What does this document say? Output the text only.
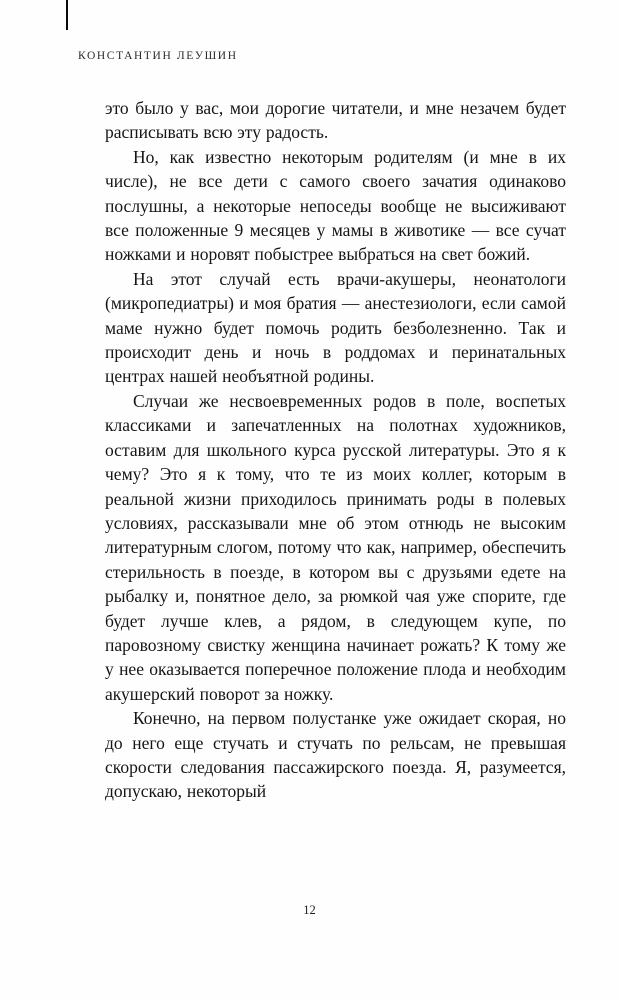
КОНСТАНТИН ЛЕУШИН

это было у вас, мои дорогие читатели, и мне незачем будет расписывать всю эту радость.

Но, как известно некоторым родителям (и мне в их числе), не все дети с самого своего зачатия одинаково послушны, а некоторые непоседы вообще не высиживают все положенные 9 месяцев у мамы в животике — все сучат ножками и норовят побыстрее выбраться на свет божий.

На этот случай есть врачи-акушеры, неонатологи (микропедиатры) и моя братия — анестезиологи, если самой маме нужно будет помочь родить безболезненно. Так и происходит день и ночь в роддомах и перинатальных центрах нашей необъятной родины.

Случаи же несвоевременных родов в поле, воспетых классиками и запечатленных на полотнах художников, оставим для школьного курса русской литературы. Это я к чему? Это я к тому, что те из моих коллег, которым в реальной жизни приходилось принимать роды в полевых условиях, рассказывали мне об этом отнюдь не высоким литературным слогом, потому что как, например, обеспечить стерильность в поезде, в котором вы с друзьями едете на рыбалку и, понятное дело, за рюмкой чая уже спорите, где будет лучше клев, а рядом, в следующем купе, по паровозному свистку женщина начинает рожать? К тому же у нее оказывается поперечное положение плода и необходим акушерский поворот за ножку.

Конечно, на первом полустанке уже ожидает скорая, но до него еще стучать и стучать по рельсам, не превышая скорости следования пассажирского поезда. Я, разумеется, допускаю, некоторый

12
